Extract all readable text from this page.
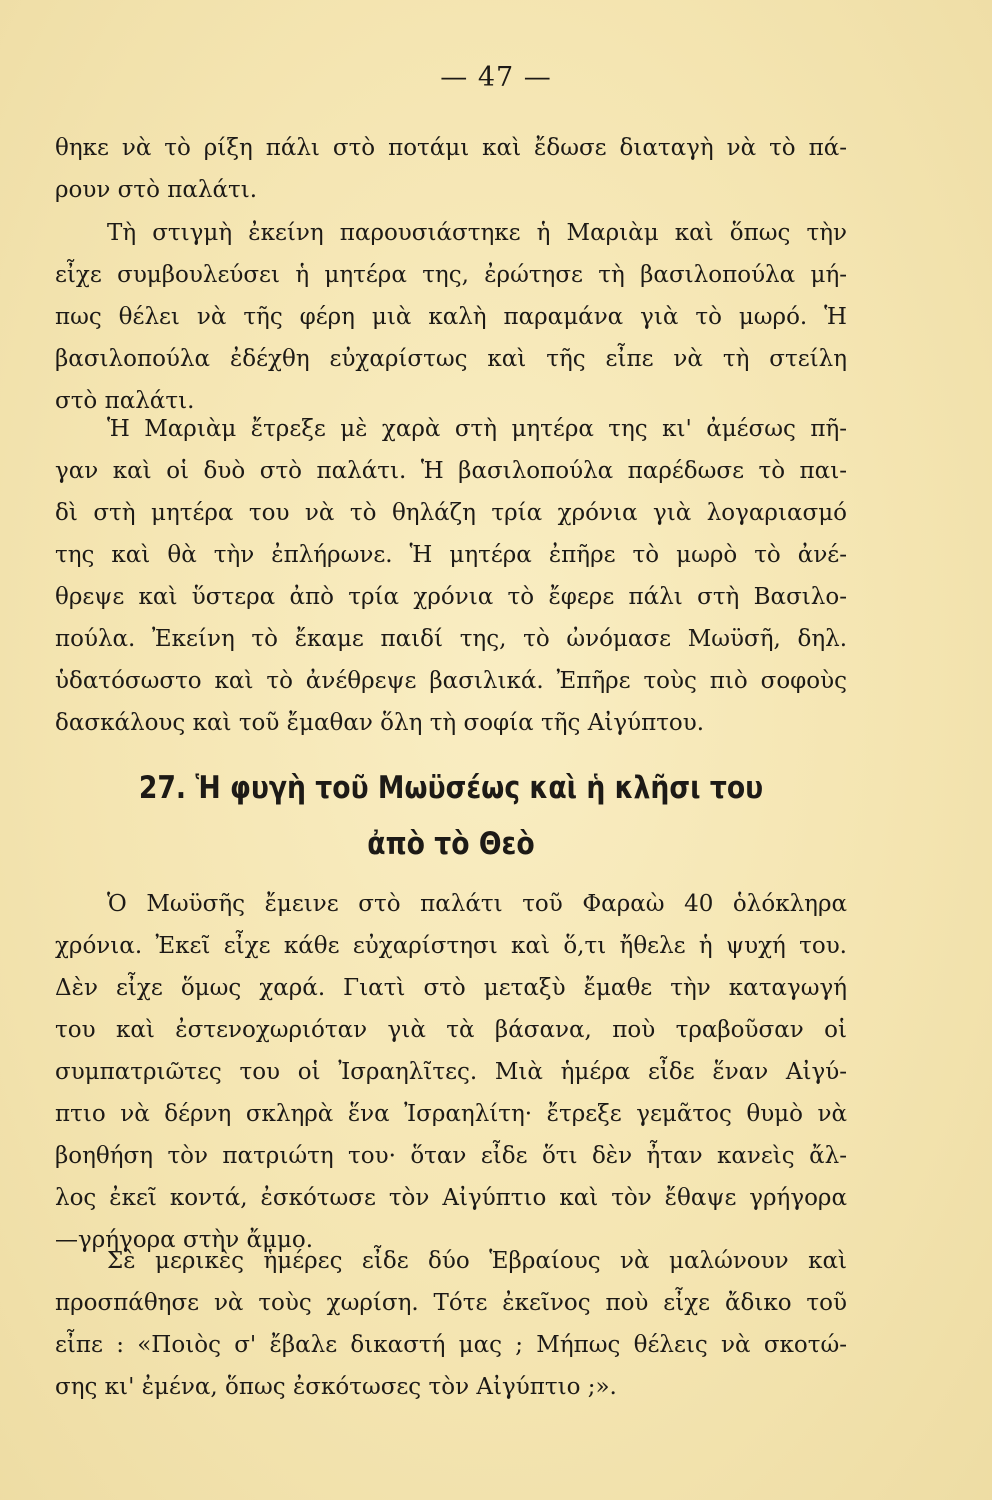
— 47 —
θηκε νὰ τὸ ρίξη πάλι στὸ ποτάμι καὶ ἔδωσε διαταγὴ νὰ τὸ πά-
ρουν στὸ παλάτι.
Τὴ στιγμὴ ἐκείνη παρουσιάστηκε ἡ Μαριὰμ καὶ ὅπως τὴν
εἶχε συμβουλεύσει ἡ μητέρα της, ἐρώτησε τὴ βασιλοπούλα μή-
πως θέλει νὰ τῆς φέρη μιὰ καλὴ παραμάνα γιὰ τὸ μωρό. Ἡ
βασιλοπούλα ἐδέχθη εὐχαρίστως καὶ τῆς εἶπε νὰ τὴ στείλη
στὸ παλάτι.
Ἡ Μαριὰμ ἔτρεξε μὲ χαρὰ στὴ μητέρα της κι' ἀμέσως πῆ-
γαν καὶ οἱ δυὸ στὸ παλάτι. Ἡ βασιλοπούλα παρέδωσε τὸ παι-
δὶ στὴ μητέρα του νὰ τὸ θηλάζη τρία χρόνια γιὰ λογαριασμό
της καὶ θὰ τὴν ἐπλήρωνε. Ἡ μητέρα ἐπῆρε τὸ μωρὸ τὸ ἀνέ-
θρεψε καὶ ὕστερα ἀπὸ τρία χρόνια τὸ ἔφερε πάλι στὴ Βασιλο-
πούλα. Ἐκείνη τὸ ἔκαμε παιδί της, τὸ ὠνόμασε Μωϋσῆ, δηλ.
ὑδατόσωστο καὶ τὸ ἀνέθρεψε βασιλικά. Ἐπῆρε τοὺς πιὸ σοφοὺς
δασκάλους καὶ τοῦ ἔμαθαν ὅλη τὴ σοφία τῆς Αἰγύπτου.
27. Ἡ φυγὴ τοῦ Μωϋσέως καὶ ἡ κλῆσι του
ἀπὸ τὸ Θεὸ
Ὁ Μωϋσῆς ἔμεινε στὸ παλάτι τοῦ Φαραὼ 40 ὁλόκληρα
χρόνια. Ἐκεῖ εἶχε κάθε εὐχαρίστησι καὶ ὅ,τι ἤθελε ἡ ψυχή του.
Δὲν εἶχε ὅμως χαρά. Γιατὶ στὸ μεταξὺ ἔμαθε τὴν καταγωγή
του καὶ ἐστενοχωριόταν γιὰ τὰ βάσανα, ποὺ τραβοῦσαν οἱ
συμπατριῶτες του οἱ Ἰσραηλῖτες. Μιὰ ἡμέρα εἶδε ἕναν Αἰγύ-
πτιο νὰ δέρνη σκληρὰ ἕνα Ἰσραηλίτη· ἔτρεξε γεμᾶτος θυμὸ νὰ
βοηθήση τὸν πατριώτη του· ὅταν εἶδε ὅτι δὲν ἦταν κανεὶς ἄλ-
λος ἐκεῖ κοντά, ἐσκότωσε τὸν Αἰγύπτιο καὶ τὸν ἔθαψε γρήγορα
—γρήγορα στὴν ἄμμο.
Σὲ μερικὲς ἡμέρες εἶδε δύο Ἑβραίους νὰ μαλώνουν καὶ
προσπάθησε νὰ τοὺς χωρίση. Τότε ἐκεῖνος ποὺ εἶχε ἄδικο τοῦ
εἶπε : «Ποιὸς σ' ἔβαλε δικαστή μας ; Μήπως θέλεις νὰ σκοτώ-
σης κι' ἐμένα, ὅπως ἐσκότωσες τὸν Αἰγύπτιο ;».
